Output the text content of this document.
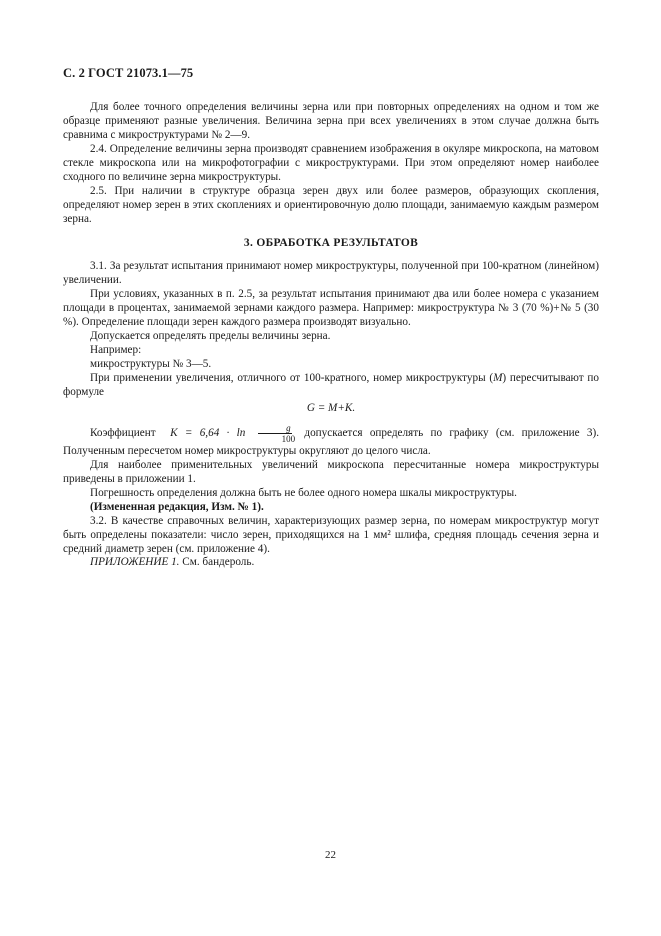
С. 2 ГОСТ 21073.1—75

Для более точного определения величины зерна или при повторных определениях на одном и том же образце применяют разные увеличения. Величина зерна при всех увеличениях в этом случае должна быть сравнима с микроструктурами № 2—9.

2.4. Определение величины зерна производят сравнением изображения в окуляре микроскопа, на матовом стекле микроскопа или на микрофотографии с микроструктурами. При этом определяют номер наиболее сходного по величине зерна микроструктуры.

2.5. При наличии в структуре образца зерен двух или более размеров, образующих скопления, определяют номер зерен в этих скоплениях и ориентировочную долю площади, занимаемую каждым размером зерна.

3. ОБРАБОТКА РЕЗУЛЬТАТОВ

3.1. За результат испытания принимают номер микроструктуры, полученной при 100-кратном (линейном) увеличении.

При условиях, указанных в п. 2.5, за результат испытания принимают два или более номера с указанием площади в процентах, занимаемой зернами каждого размера. Например: микроструктура № 3 (70 %)+№ 5 (30 %). Определение площади зерен каждого размера производят визуально.

Допускается определять пределы величины зерна.

Например:

микроструктуры № 3—5.

При применении увеличения, отличного от 100-кратного, номер микроструктуры (M) пересчитывают по формуле

G = M+K.

Коэффициент $K = 6,64 \cdot \ln \frac{g}{100}$ допускается определять по графику (см. приложение 3). Полученным пересчетом номер микроструктуры округляют до целого числа.

Для наиболее применительных увеличений микроскопа пересчитанные номера микроструктуры приведены в приложении 1.

Погрешность определения должна быть не более одного номера шкалы микроструктуры.

(Измененная редакция, Изм. № 1).

3.2. В качестве справочных величин, характеризующих размер зерна, по номерам микроструктур могут быть определены показатели: число зерен, приходящихся на 1 мм² шлифа, средняя площадь сечения зерна и средний диаметр зерен (см. приложение 4).

ПРИЛОЖЕНИЕ 1. См. бандероль.

22
